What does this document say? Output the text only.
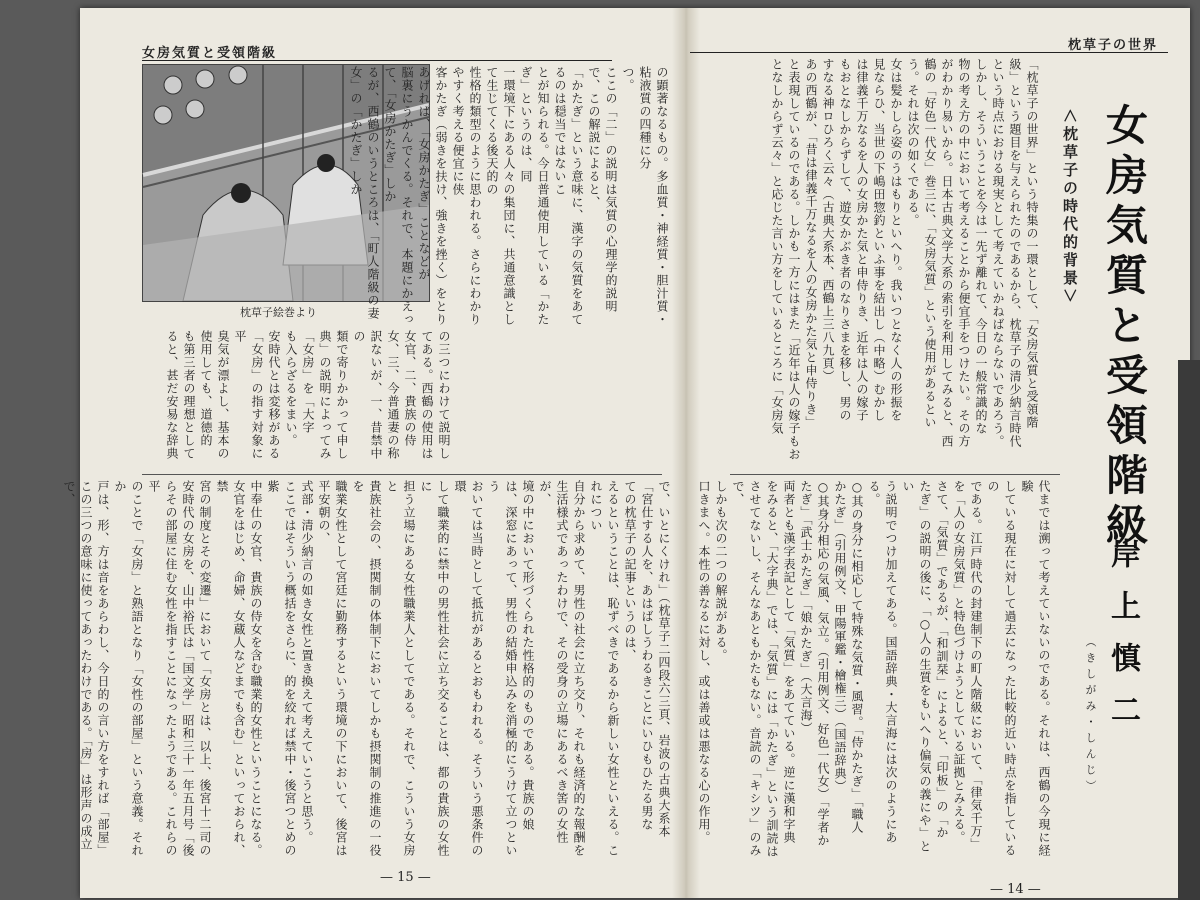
女房気質と受領階級
枕草子絵巻より	の顕著なるもの。多血質・神経質・胆汁質・粘液質の四種に分
つ。
ここの「二」の説明は気質の心理学的説明で、この解説によると、
「かたぎ」という意味に、漢字の気質をあてるのは穏当ではないこ
とが知られる。今日普通使用している「かたぎ」というのは、同
一環境下にある人々の集団に、共通意識として生じてくる後天的の
性格的類型のように思われる。さらにわかりやすく考える便宜に侠
客かたぎ（弱きを扶け、強きを挫く）をとりあげれば、「女房かたぎ」ことなどが
脳裏にうかんでくる。それで、本題にかえって、「女房かたぎ」しか
るが、西鶴のいうところは、「町人階級の妻女」の「かたぎ」しか
の三つにわけて説明してある。西鶴の使用は
女官、二、貴族の侍女、三、今普通妻の称
訳ないが、一、昔禁中の
類で寄りかかって申し
典」の説明によってみ
「女房」を「大字
も入らざるをまい。
安時代とは変移がある
「女房」の指す対象に平
臭気が漂よし、基本の
使用しても、道徳的
も第三者の理想として
ると、甚だ安易な辞典
で、いとにくけれ」（枕草子二四段六三頁、岩波の古典大系本
「宮仕する人を、あはばしうわるきことにいひもひたる男な
ての枕草子の記事というのは、
えるということは、恥ずべきであるから新しい女性といえる。これについ
自分から求めて、男性の社会に立ち交り、それも経済的な報酬を
生活様式であったわけで、その受身の立場にあるべき筈の女性が、
境の中において形づくられた性格的のものである。貴族の娘
は、深窓にあって、男性の結婚申込みを消極的にうけて立つという
おいては当時として抵抗があるとおもわれる。そういう悪条件の環
して職業的に禁中の男性社会に立ち交ることは、都の貴族の女性に
担う立場にある女性職業人としてである。それで、こういう女房と
貴族社会の、摂関制の体制下においてしかも摂関制の推進の一役を
職業女性として宮廷に勤務するという環境の下において、後宮は平安朝の、
式部・清少納言の如き女性と置き換えて考えていこうと思う。
ここではそういう概括をさらに、的を絞れば禁中・後宮つとめの紫
中奉仕の女官、貴族の侍女を含む職業的女性ということになる。
女官をはじめ、命婦、女蔵人などまでも含む」といっておられ、禁
宮の制度とその変遷」において「女房とは、以上、後宮十二司の
安時代の女房を、山中裕氏は「国文学」昭和三十一年五月号「後
らその部屋に住む女性を指すことになったようである。これらの平
のことで「女房」と熟語となり「女性の部屋」という意義。それか
戸は、形、方は音をあらわし、今日的の言い方をすれば「部屋」
この三つの意味に使ってあったわけである。「房」は形声の成立で、
— 15 —
枕草子の世界
女房気質と受領階級
＜枕草子の時代的背景＞
「枕草子の世界」という特集の一環として、「女房気質と受領階
級」という題目を与えられたのであるから、枕草子の清少納言時代
という時点における現実として考えていかねばならないであろう。
しかし、そういうことを今は一先ず離れて、今日の一般常識的な
物の考え方の中において考えることから便宜手をつけたい。その方
がわかり易いから。日本古典文学大系の索引を利用してみると、西
鶴の「好色一代女」巻三に、「女房気質」という使用があるとい
う。それは次の如くである。
女は髪かしら姿のうはもりといへり。我いつとなく人の形振を
見ならひ、当世の下嶋田惣釣といふ事を結出し（中略）むかし
は律義千万なるを人の女房かた気と申侍りき、近年は人の嫁子
もおとなしからずして、遊女かぶき者のなりさまを移し、男の
すなる神ロひろく云々（古典大系本、西鶴上三八九頁）
あの西鶴が、「昔は律義千万なるを人の女房かた気と申侍りき」
と表現しているのである。しかも一方にはまた「近年は人の嫁子もお
となしからず云々」と応じた言い方をしているところに「女房気
岸上慎二
（きしがみ・しんじ）
代までは溯って考えていないのである。それは、西鶴の今現に経験
している現在に対して過去になった比較的近い時点を指しているの
である。江戸時代の封建制下の町人階級において、「律気千万」
を「人の女房気質」と特色づけようとしている証拠とみえる。
さて、「気質」であるが、「和訓栞」によると、「印板」の「か
たぎ」の説明の後に、「○人の生質をもいへり偏気の義にや」とい
う説明でつけ加えてある。国語辞典・大言海には次のようにある。
○其の身分に相応して特殊な気質・風習。「侍かたぎ」「職人
かたぎ」（引用例文、甲陽軍鑑・檜権三）（国語辞典）
○其身分相応の気風、気立。（引用例文、好色一代女）「学者か
たぎ」「武士かたぎ」「娘かたぎ」（大言海）
両者とも漢字表記として「気質」をあてている。逆に漢和字典
をみると、「大字典」では、「気質」には「かたぎ」という訓読は
させてないし、そんなあともかたもない。音読の「キシツ」のみで、
しかも次の二つの解説がある。
口きまへ。本性の善なるに対し、或は善或は悪なる心の作用。
— 14 —
